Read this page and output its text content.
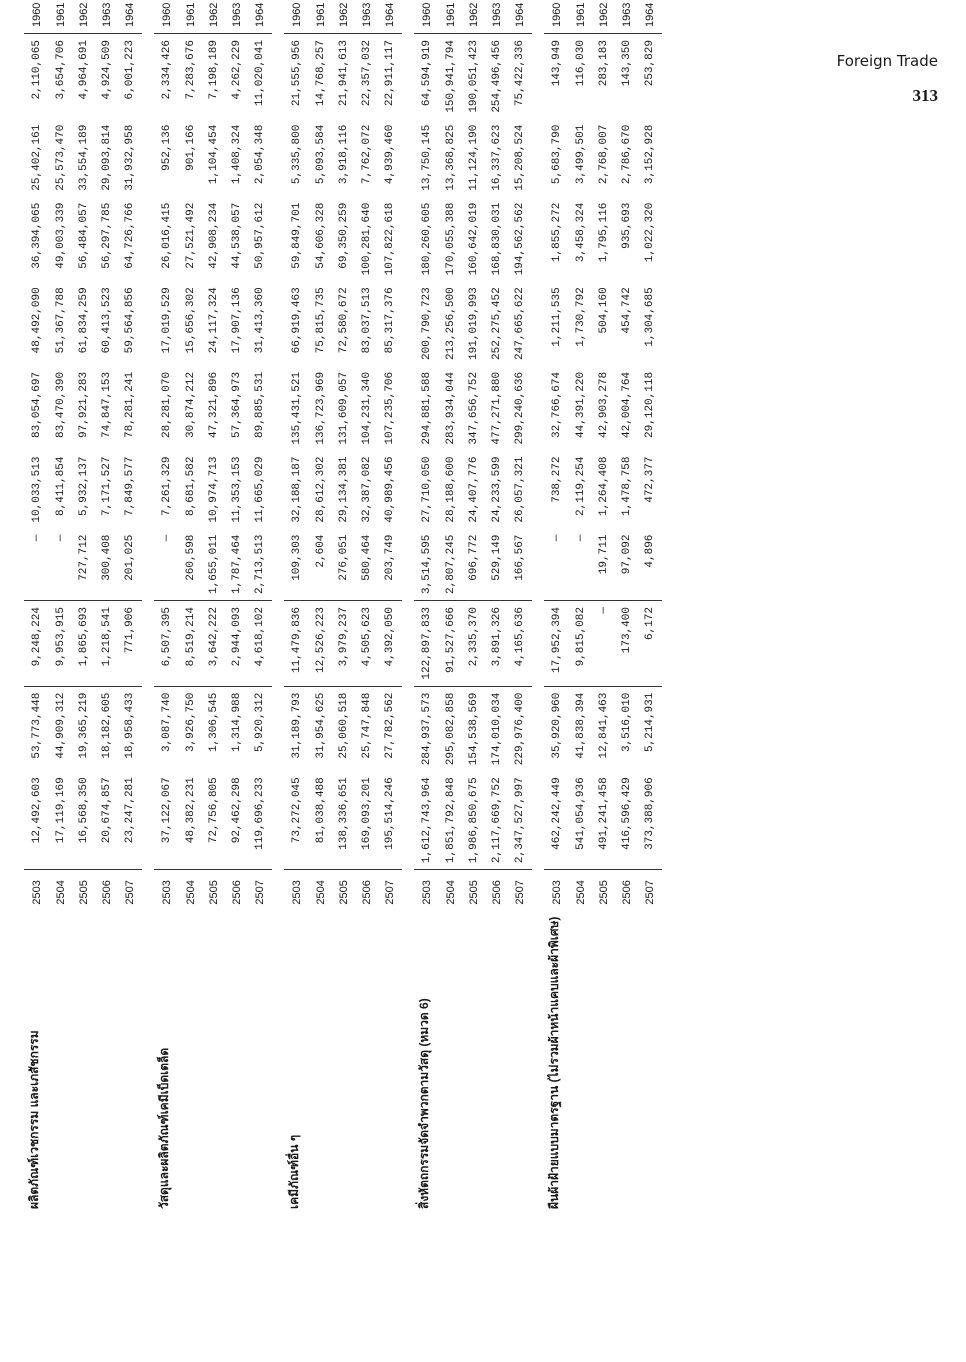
Foreign Trade
313
ผลิตภัณฑ์เวชกรรม และเภสัชกรรม	2503	12,492,603	53,773,448	9,248,224	—	10,033,513	83,054,697	48,492,090	36,394,065	25,402,161	2,110,065	1960	
	2504	17,119,169	44,909,312	9,953,915	—	8,411,854	83,470,390	51,367,788	49,003,339	25,573,470	3,654,706	1961	
	2505	16,568,350	19,365,219	1,865,693	727,712	5,932,137	97,921,283	61,834,259	56,484,057	33,554,189	4,964,691	1962	
	2506	20,674,857	18,182,605	1,218,541	300,408	7,171,527	74,847,153	60,413,523	56,297,785	29,093,814	4,924,509	1963	
	2507	23,247,281	18,958,433	771,906	201,025	7,849,577	78,281,241	59,564,856	64,726,766	31,932,958	6,001,223	1964	

วัสดุและผลิตภัณฑ์เคมีเบ็ดเตล็ด	2503	37,122,067	3,087,740	6,507,395	—	7,261,329	28,281,070	17,019,529	26,016,415	952,136	2,334,426	1960	
	2504	48,382,231	3,926,750	8,519,214	260,598	8,681,582	30,874,212	15,656,302	27,521,492	901,166	7,283,676	1961	
	2505	72,756,805	1,306,545	3,642,222	1,655,011	10,974,713	47,321,896	24,117,324	42,908,234	1,104,454	7,198,189	1962	
	2506	92,462,298	1,314,988	2,944,093	1,787,464	11,353,153	57,364,973	17,907,136	44,538,057	1,408,324	4,262,229	1963	
	2507	119,696,233	5,920,312	4,618,102	2,713,513	11,665,029	89,885,531	31,413,360	50,957,612	2,054,348	11,020,041	1964	

เคมีภัณฑ์อื่น ๆ	2503	73,272,045	31,189,793	11,479,836	109,303	32,188,187	135,431,521	66,919,463	59,849,701	5,335,800	21,555,956	1960	
	2504	81,038,488	31,954,625	12,526,223	2,604	28,612,302	136,723,969	75,815,735	54,606,328	5,093,584	14,768,257	1961	
	2505	138,336,651	25,060,518	3,979,237	276,051	29,134,381	131,609,057	72,580,672	69,350,259	3,918,116	21,941,613	1962	
	2506	169,093,201	25,747,848	4,505,623	580,464	32,387,082	104,231,340	83,037,513	100,281,640	7,762,072	22,357,032	1963	
	2507	195,514,246	27,782,562	4,392,050	203,749	40,989,456	107,235,706	85,317,376	107,822,618	4,939,460	22,911,117	1964	

สิ่งหัตถกรรมจัดจำพวกตามวัสดุ (หมวด 6)	2503	1,612,743,964	284,937,573	122,897,833	3,514,595	27,710,050	294,881,588	200,790,723	180,260,605	13,750,145	64,594,919	1960	
	2504	1,851,792,848	295,082,858	91,527,666	2,807,245	28,188,600	283,934,044	213,256,500	170,055,388	13,368,825	150,941,794	1961	
	2505	1,986,850,675	154,538,569	2,335,370	696,772	24,407,776	347,656,752	191,019,993	160,642,019	11,124,190	190,051,423	1962	
	2506	2,117,669,752	174,010,034	3,891,326	529,149	24,233,599	477,271,880	252,275,452	168,830,031	16,337,623	254,496,456	1963	
	2507	2,347,527,997	229,976,400	4,165,636	166,567	26,057,321	299,240,636	247,665,622	194,562,562	15,208,524	75,422,336	1964	

ผืนผ้าฝ้ายแบบมาตรฐาน (ไม่รวมผ้าหน้าแคบและผ้าพิเศษ)	2503	462,242,449	35,920,960	17,952,394	—	738,272	32,766,674	1,211,535	1,855,272	5,683,790	143,949	1960	
	2504	541,054,936	41,838,394	9,815,082	—	2,119,254	44,391,220	1,730,792	3,458,324	3,499,501	116,030	1961	
	2505	491,241,458	12,841,463	—	19,711	1,264,408	42,903,278	504,160	1,795,116	2,768,007	283,183	1962	
	2506	416,596,429	3,516,010	173,400	97,092	1,478,758	42,004,764	454,742	935,693	2,786,670	143,350	1963	
	2507	373,388,906	5,214,931	6,172	4,896	472,377	29,120,118	1,304,685	1,022,320	3,152,928	253,829	1964	
